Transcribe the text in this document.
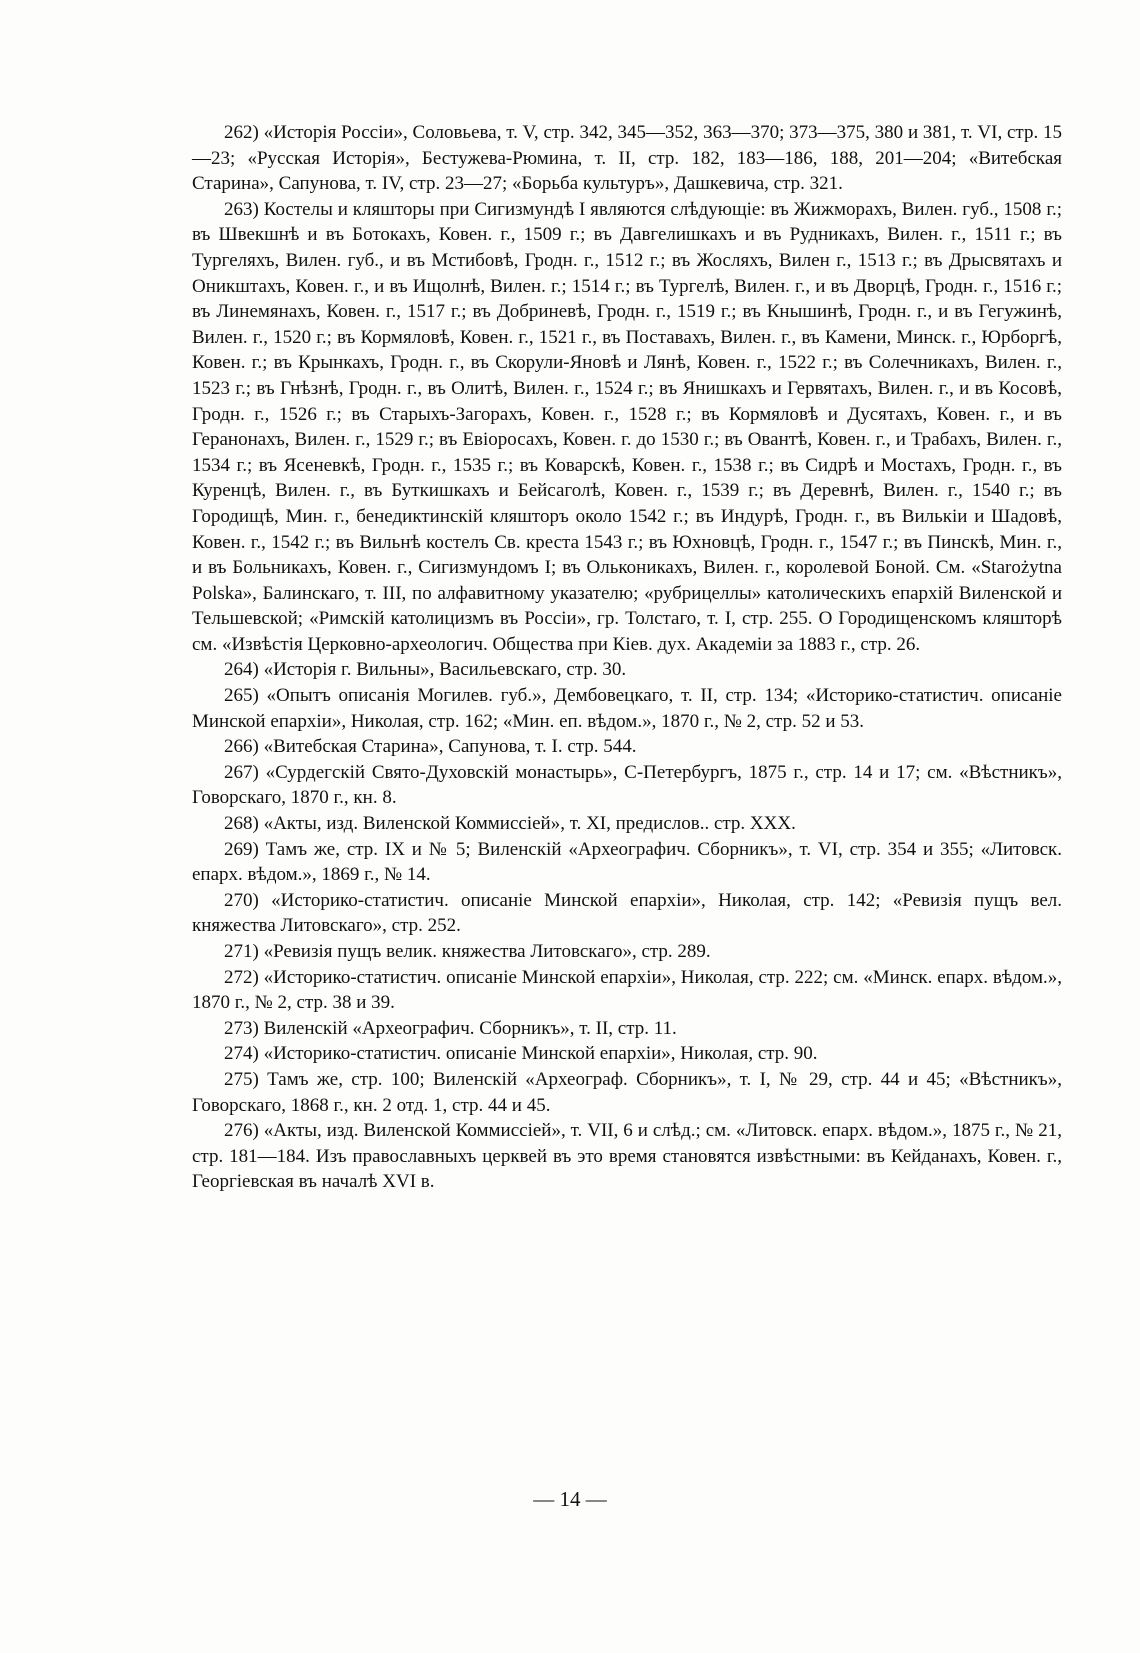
262) «Исторія Россіи», Соловьева, т. V, стр. 342, 345—352, 363—370; 373—375, 380 и 381, т. VI, стр. 15—23; «Русская Исторія», Бестужева-Рюмина, т. II, стр. 182, 183—186, 188, 201—204; «Витебская Старина», Сапунова, т. IV, стр. 23—27; «Борьба культуръ», Дашкевича, стр. 321.

263) Костелы и кляшторы при Сигизмундѣ I являются слѣдующіе: въ Жижморахъ, Вилен. губ., 1508 г.; въ Швекшнѣ и въ Ботокахъ, Ковен. г., 1509 г.; въ Давгелишкахъ и въ Рудникахъ, Вилен. г., 1511 г.; въ Тургеляхъ, Вилен. губ., и въ Мстибовѣ, Гродн. г., 1512 г.; въ Жосляхъ, Вилен г., 1513 г.; въ Дрысвятахъ и Оникштахъ, Ковен. г., и въ Ищолнѣ, Вилен. г.; 1514 г.; въ Тургелѣ, Вилен. г., и въ Дворцѣ, Гродн. г., 1516 г.; въ Линемянахъ, Ковен. г., 1517 г.; въ Добриневѣ, Гродн. г., 1519 г.; въ Кнышинѣ, Гродн. г., и въ Гегужинѣ, Вилен. г., 1520 г.; въ Кормяловѣ, Ковен. г., 1521 г., въ Поставахъ, Вилен. г., въ Камени, Минск. г., Юрборгѣ, Ковен. г.; въ Крынкахъ, Гродн. г., въ Скорули-Яновѣ и Лянѣ, Ковен. г., 1522 г.; въ Солечникахъ, Вилен. г., 1523 г.; въ Гнѣзнѣ, Гродн. г., въ Олитѣ, Вилен. г., 1524 г.; въ Янишкахъ и Гервятахъ, Вилен. г., и въ Косовѣ, Гродн. г., 1526 г.; въ Старыхъ-Загорахъ, Ковен. г., 1528 г.; въ Кормяловѣ и Дусятахъ, Ковен. г., и въ Геранонахъ, Вилен. г., 1529 г.; въ Евіоросахъ, Ковен. г. до 1530 г.; въ Овантѣ, Ковен. г., и Трабахъ, Вилен. г., 1534 г.; въ Ясеневкѣ, Гродн. г., 1535 г.; въ Коварскѣ, Ковен. г., 1538 г.; въ Сидрѣ и Мостахъ, Гродн. г., въ Куренцѣ, Вилен. г., въ Буткишкахъ и Бейсаголѣ, Ковен. г., 1539 г.; въ Деревнѣ, Вилен. г., 1540 г.; въ Городищѣ, Мин. г., бенедиктинскій кляшторъ около 1542 г.; въ Индурѣ, Гродн. г., въ Вилькіи и Шадовѣ, Ковен. г., 1542 г.; въ Вильнѣ костелъ Св. креста 1543 г.; въ Юхновцѣ, Гродн. г., 1547 г.; въ Пинскѣ, Мин. г., и въ Больникахъ, Ковен. г., Сигизмундомъ I; въ Ольконикахъ, Вилен. г., королевой Боной. См. «Starożytna Polska», Балинскаго, т. III, по алфавитному указателю; «рубрицеллы» католическихъ епархій Виленской и Тельшевской; «Римскій католицизмъ въ Россіи», гр. Толстаго, т. I, стр. 255. О Городищенскомъ кляшторѣ см. «Извѣстія Церковно-археологич. Общества при Кіев. дух. Академіи за 1883 г., стр. 26.

264) «Исторія г. Вильны», Васильевскаго, стр. 30.

265) «Опытъ описанія Могилев. губ.», Дембовецкаго, т. II, стр. 134; «Историко-статистич. описаніе Минской епархіи», Николая, стр. 162; «Мин. еп. вѣдом.», 1870 г., № 2, стр. 52 и 53.

266) «Витебская Старина», Сапунова, т. I. стр. 544.

267) «Сурдегскій Свято-Духовскій монастырь», С-Петербургъ, 1875 г., стр. 14 и 17; см. «Вѣстникъ», Говорскаго, 1870 г., кн. 8.

268) «Акты, изд. Виленской Коммиссіей», т. XI, предислов.. стр. XXX.

269) Тамъ же, стр. IX и № 5; Виленскій «Археографич. Сборникъ», т. VI, стр. 354 и 355; «Литовск. епарх. вѣдом.», 1869 г., № 14.

270) «Историко-статистич. описаніе Минской епархіи», Николая, стр. 142; «Ревизія пущъ вел. княжества Литовскаго», стр. 252.

271) «Ревизія пущъ велик. княжества Литовскаго», стр. 289.

272) «Историко-статистич. описаніе Минской епархіи», Николая, стр. 222; см. «Минск. епарх. вѣдом.», 1870 г., № 2, стр. 38 и 39.

273) Виленскій «Археографич. Сборникъ», т. II, стр. 11.

274) «Историко-статистич. описаніе Минской епархіи», Николая, стр. 90.

275) Тамъ же, стр. 100; Виленскій «Археограф. Сборникъ», т. I, № 29, стр. 44 и 45; «Вѣстникъ», Говорскаго, 1868 г., кн. 2 отд. 1, стр. 44 и 45.

276) «Акты, изд. Виленской Коммиссіей», т. VII, 6 и слѣд.; см. «Литовск. епарх. вѣдом.», 1875 г., № 21, стр. 181—184. Изъ православныхъ церквей въ это время становятся извѣстными: въ Кейданахъ, Ковен. г., Георгіевская въ началѣ XVI в.

— 14 —
